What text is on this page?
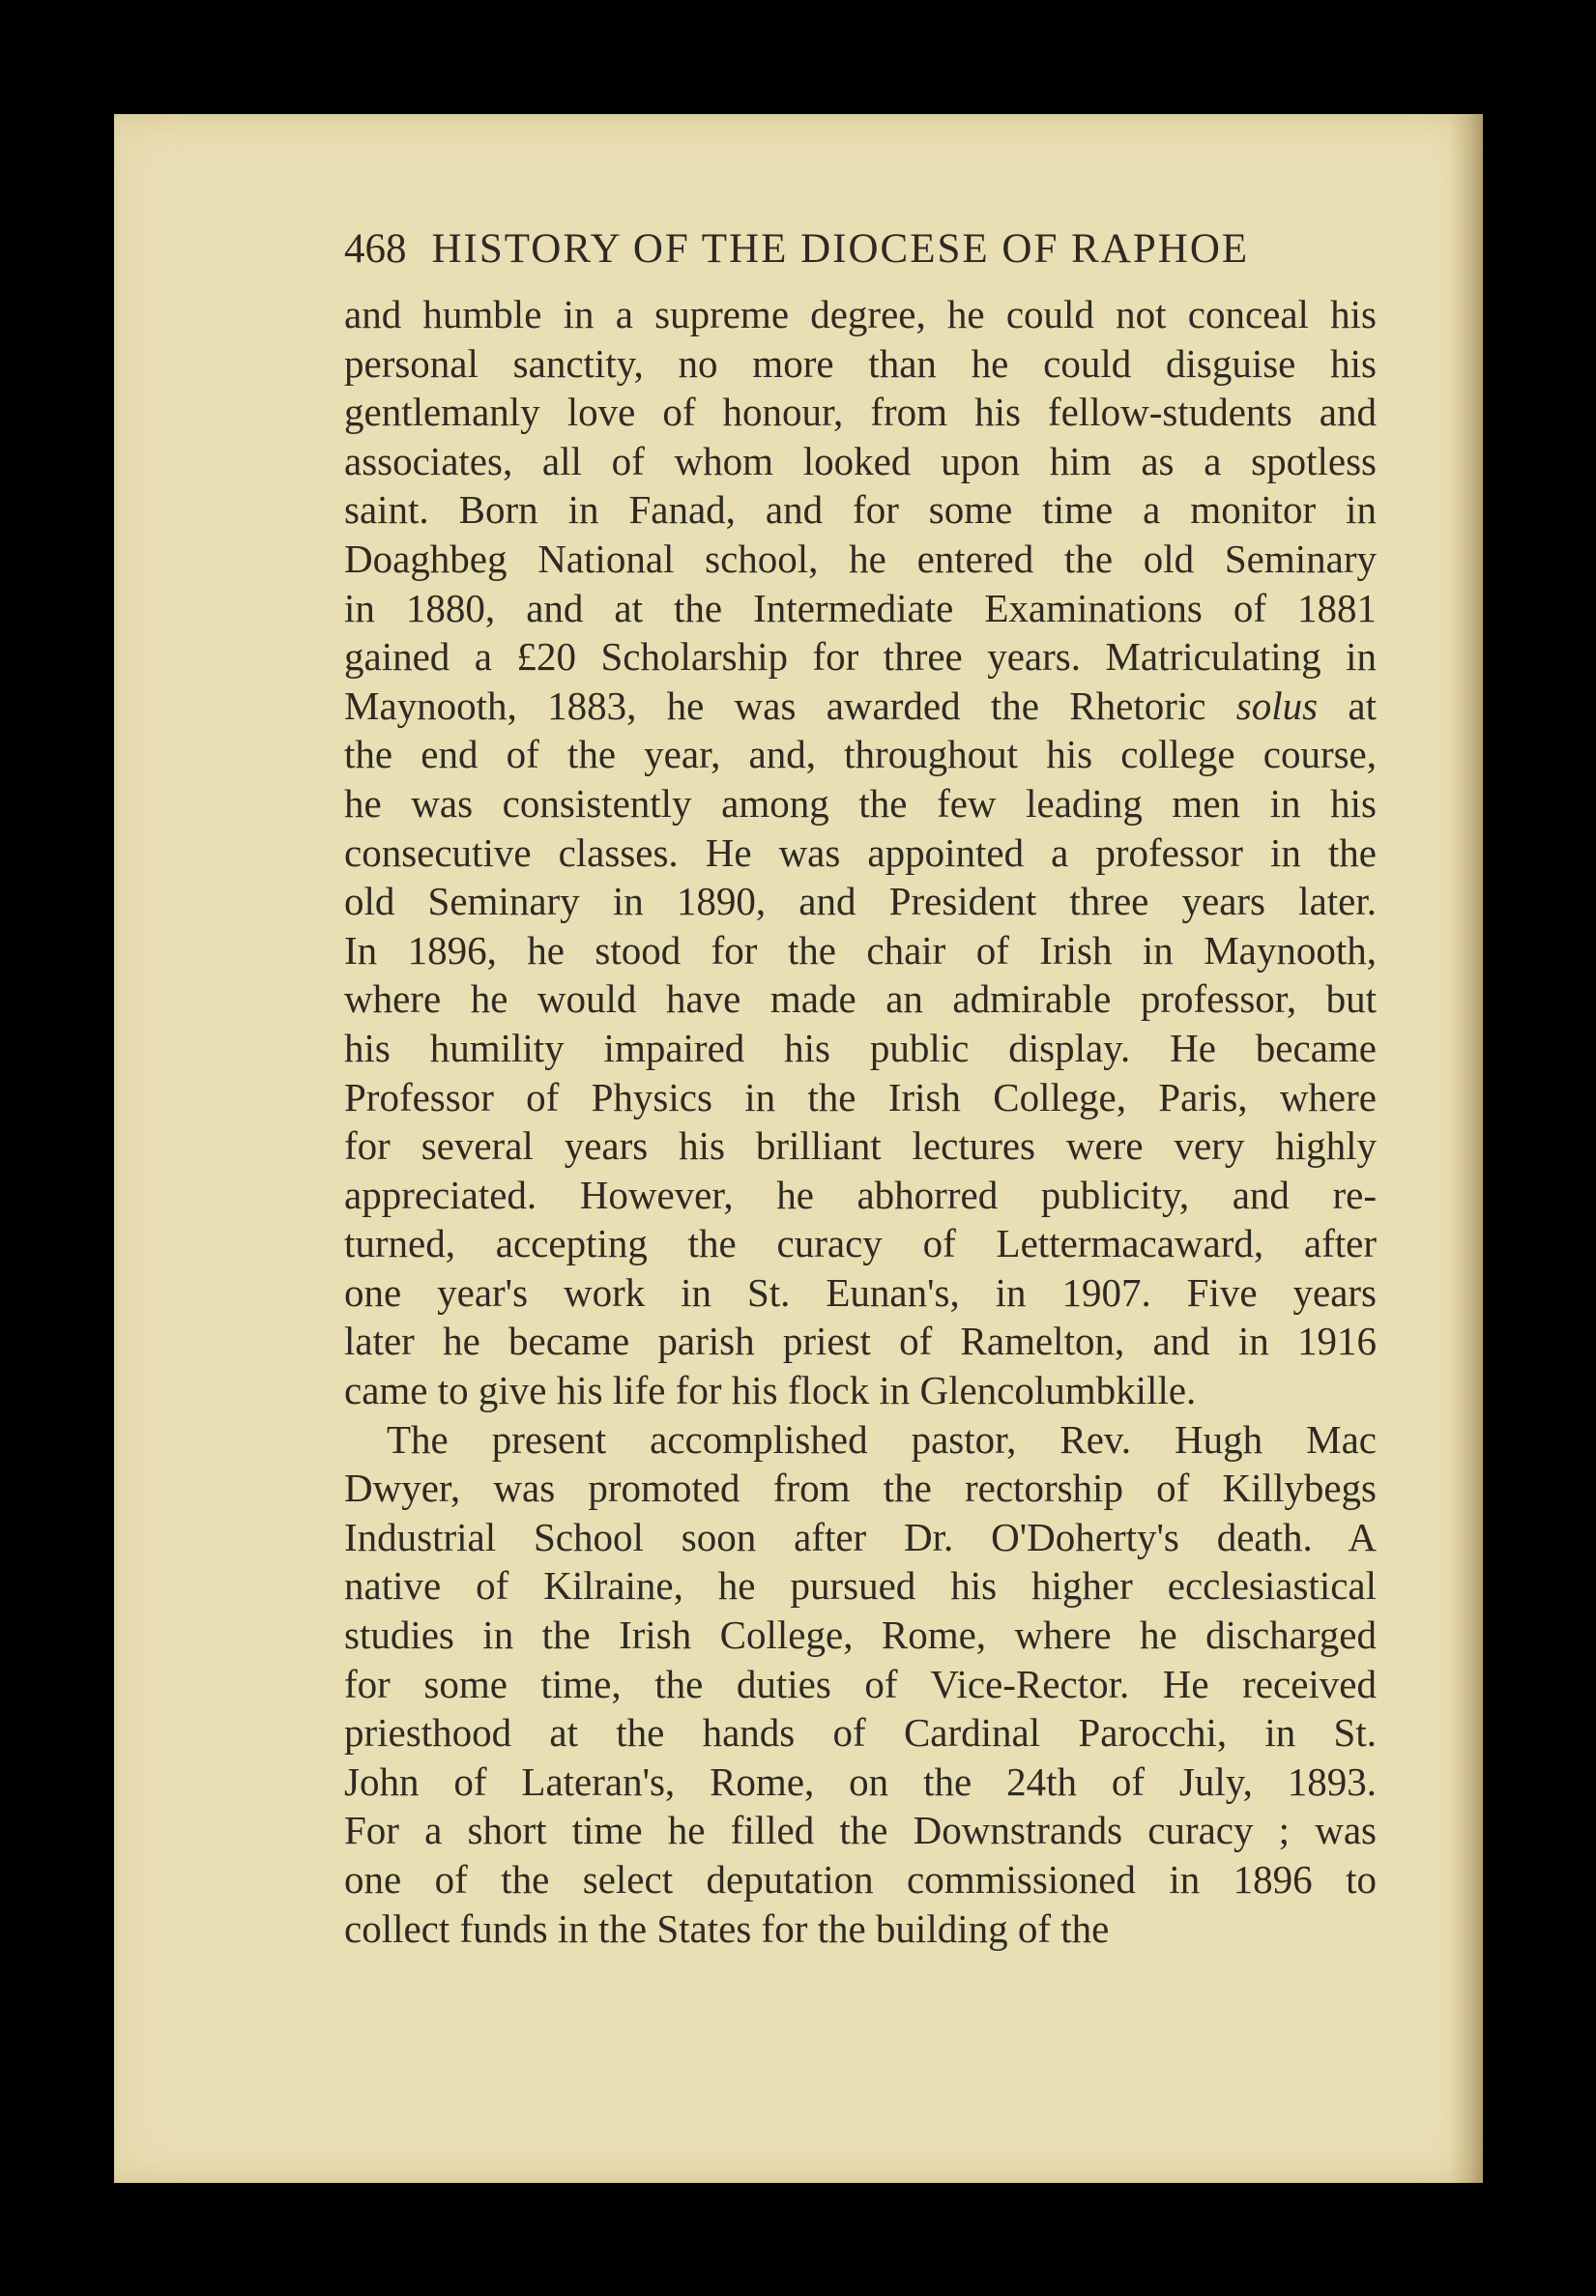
468 HISTORY OF THE DIOCESE OF RAPHOE
and humble in a supreme degree, he could not conceal his
personal sanctity, no more than he could disguise his
gentlemanly love of honour, from his fellow-students and
associates, all of whom looked upon him as a spotless
saint. Born in Fanad, and for some time a monitor in
Doaghbeg National school, he entered the old Seminary
in 1880, and at the Intermediate Examinations of 1881
gained a £20 Scholarship for three years. Matriculating in
Maynooth, 1883, he was awarded the Rhetoric solus at
the end of the year, and, throughout his college course,
he was consistently among the few leading men in his
consecutive classes. He was appointed a professor in the
old Seminary in 1890, and President three years later.
In 1896, he stood for the chair of Irish in Maynooth,
where he would have made an admirable professor, but
his humility impaired his public display. He became
Professor of Physics in the Irish College, Paris, where
for several years his brilliant lectures were very highly
appreciated. However, he abhorred publicity, and re-
turned, accepting the curacy of Lettermacaward, after
one year's work in St. Eunan's, in 1907. Five years
later he became parish priest of Ramelton, and in 1916
came to give his life for his flock in Glencolumbkille.
The present accomplished pastor, Rev. Hugh Mac
Dwyer, was promoted from the rectorship of Killybegs
Industrial School soon after Dr. O'Doherty's death. A
native of Kilraine, he pursued his higher ecclesiastical
studies in the Irish College, Rome, where he discharged
for some time, the duties of Vice-Rector. He received
priesthood at the hands of Cardinal Parocchi, in St.
John of Lateran's, Rome, on the 24th of July, 1893.
For a short time he filled the Downstrands curacy ; was
one of the select deputation commissioned in 1896 to
collect funds in the States for the building of the
